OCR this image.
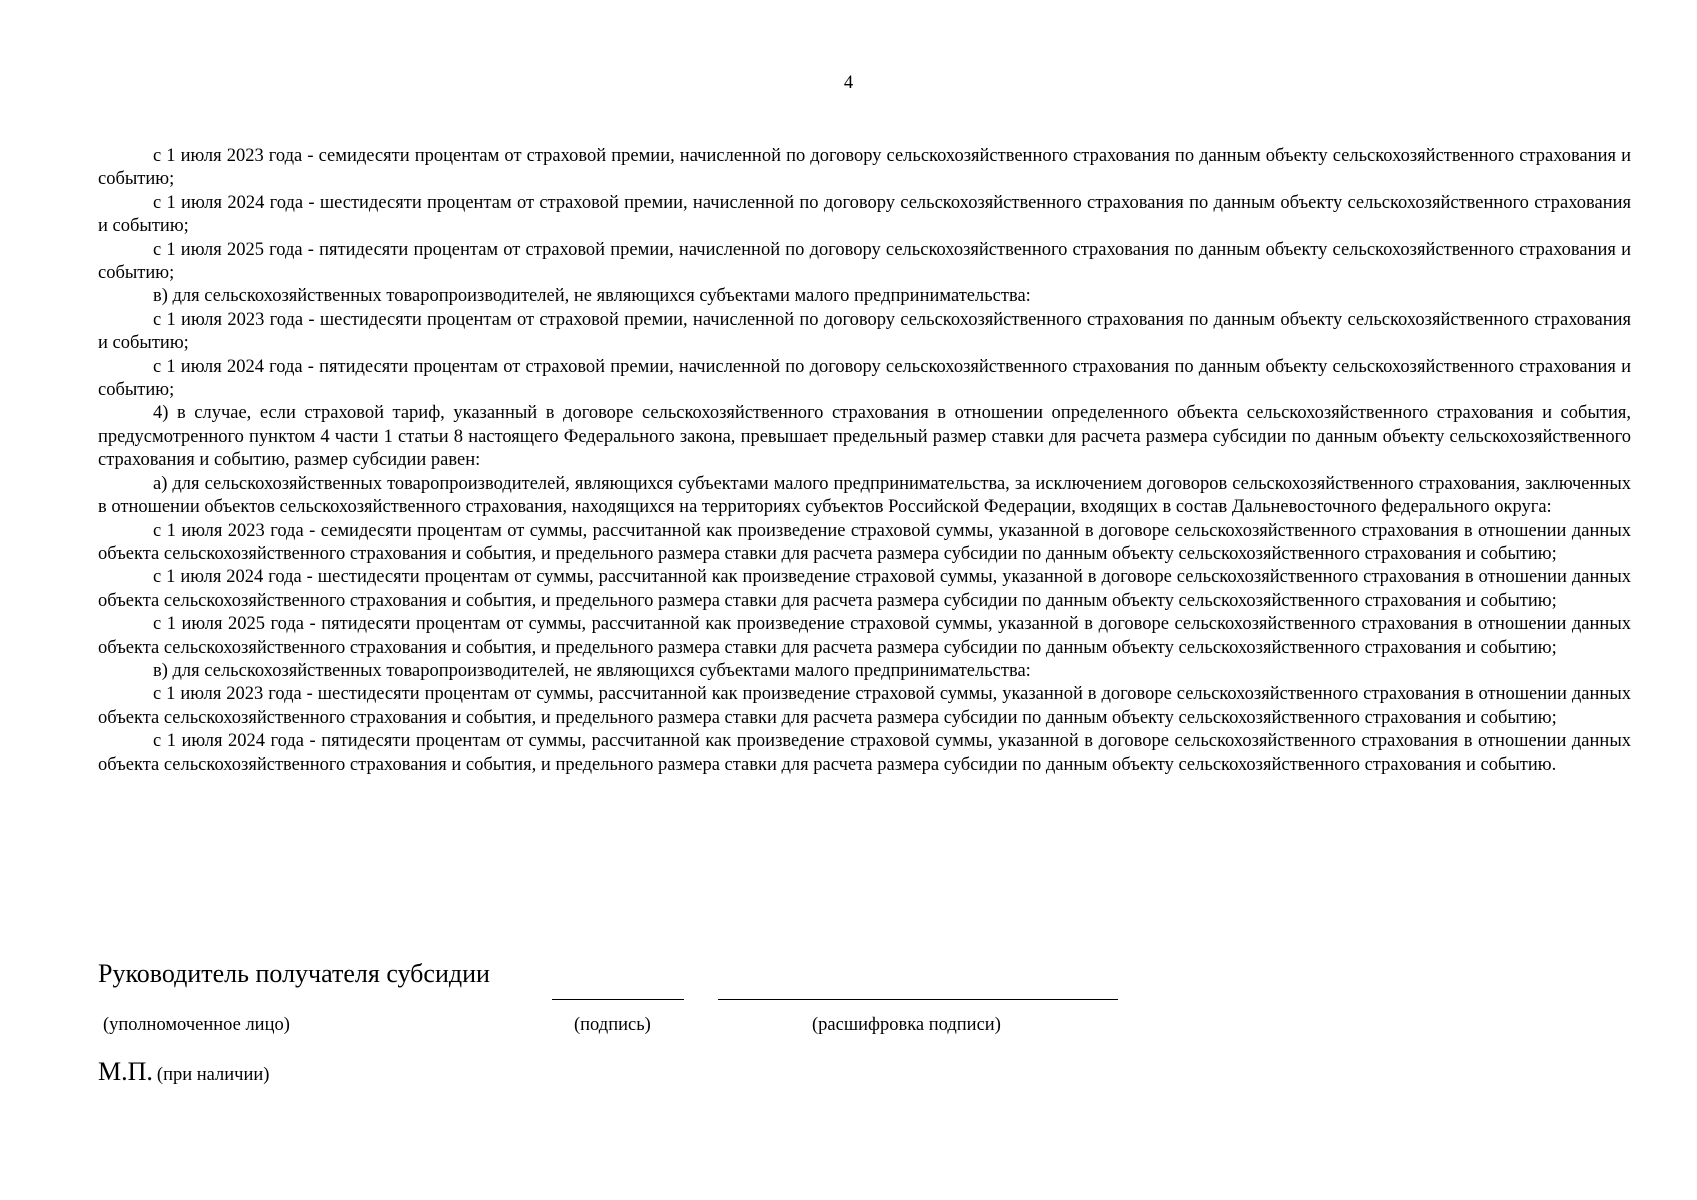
4

с 1 июля 2023 года - семидесяти процентам от страховой премии, начисленной по договору сельскохозяйственного страхования по данным объекту сельскохозяйственного страхования и событию;

с 1 июля 2024 года - шестидесяти процентам от страховой премии, начисленной по договору сельскохозяйственного страхования по данным объекту сельскохозяйственного страхования и событию;

с 1 июля 2025 года - пятидесяти процентам от страховой премии, начисленной по договору сельскохозяйственного страхования по данным объекту сельскохозяйственного страхования и событию;

в) для сельскохозяйственных товаропроизводителей, не являющихся субъектами малого предпринимательства:

с 1 июля 2023 года - шестидесяти процентам от страховой премии, начисленной по договору сельскохозяйственного страхования по данным объекту сельскохозяйственного страхования и событию;

с 1 июля 2024 года - пятидесяти процентам от страховой премии, начисленной по договору сельскохозяйственного страхования по данным объекту сельскохозяйственного страхования и событию;

4) в случае, если страховой тариф, указанный в договоре сельскохозяйственного страхования в отношении определенного объекта сельскохозяйственного страхования и события, предусмотренного пунктом 4 части 1 статьи 8 настоящего Федерального закона, превышает предельный размер ставки для расчета размера субсидии по данным объекту сельскохозяйственного страхования и событию, размер субсидии равен:

а) для сельскохозяйственных товаропроизводителей, являющихся субъектами малого предпринимательства, за исключением договоров сельскохозяйственного страхования, заключенных в отношении объектов сельскохозяйственного страхования, находящихся на территориях субъектов Российской Федерации, входящих в состав Дальневосточного федерального округа:

с 1 июля 2023 года - семидесяти процентам от суммы, рассчитанной как произведение страховой суммы, указанной в договоре сельскохозяйственного страхования в отношении данных объекта сельскохозяйственного страхования и события, и предельного размера ставки для расчета размера субсидии по данным объекту сельскохозяйственного страхования и событию;

с 1 июля 2024 года - шестидесяти процентам от суммы, рассчитанной как произведение страховой суммы, указанной в договоре сельскохозяйственного страхования в отношении данных объекта сельскохозяйственного страхования и события, и предельного размера ставки для расчета размера субсидии по данным объекту сельскохозяйственного страхования и событию;

с 1 июля 2025 года - пятидесяти процентам от суммы, рассчитанной как произведение страховой суммы, указанной в договоре сельскохозяйственного страхования в отношении данных объекта сельскохозяйственного страхования и события, и предельного размера ставки для расчета размера субсидии по данным объекту сельскохозяйственного страхования и событию;

в) для сельскохозяйственных товаропроизводителей, не являющихся субъектами малого предпринимательства:

с 1 июля 2023 года - шестидесяти процентам от суммы, рассчитанной как произведение страховой суммы, указанной в договоре сельскохозяйственного страхования в отношении данных объекта сельскохозяйственного страхования и события, и предельного размера ставки для расчета размера субсидии по данным объекту сельскохозяйственного страхования и событию;

с 1 июля 2024 года - пятидесяти процентам от суммы, рассчитанной как произведение страховой суммы, указанной в договоре сельскохозяйственного страхования в отношении данных объекта сельскохозяйственного страхования и события, и предельного размера ставки для расчета размера субсидии по данным объекту сельскохозяйственного страхования и событию.

Руководитель получателя субсидии
(уполномоченное лицо)	(подпись)	(расшифровка подписи)
М.П. (при наличии)
